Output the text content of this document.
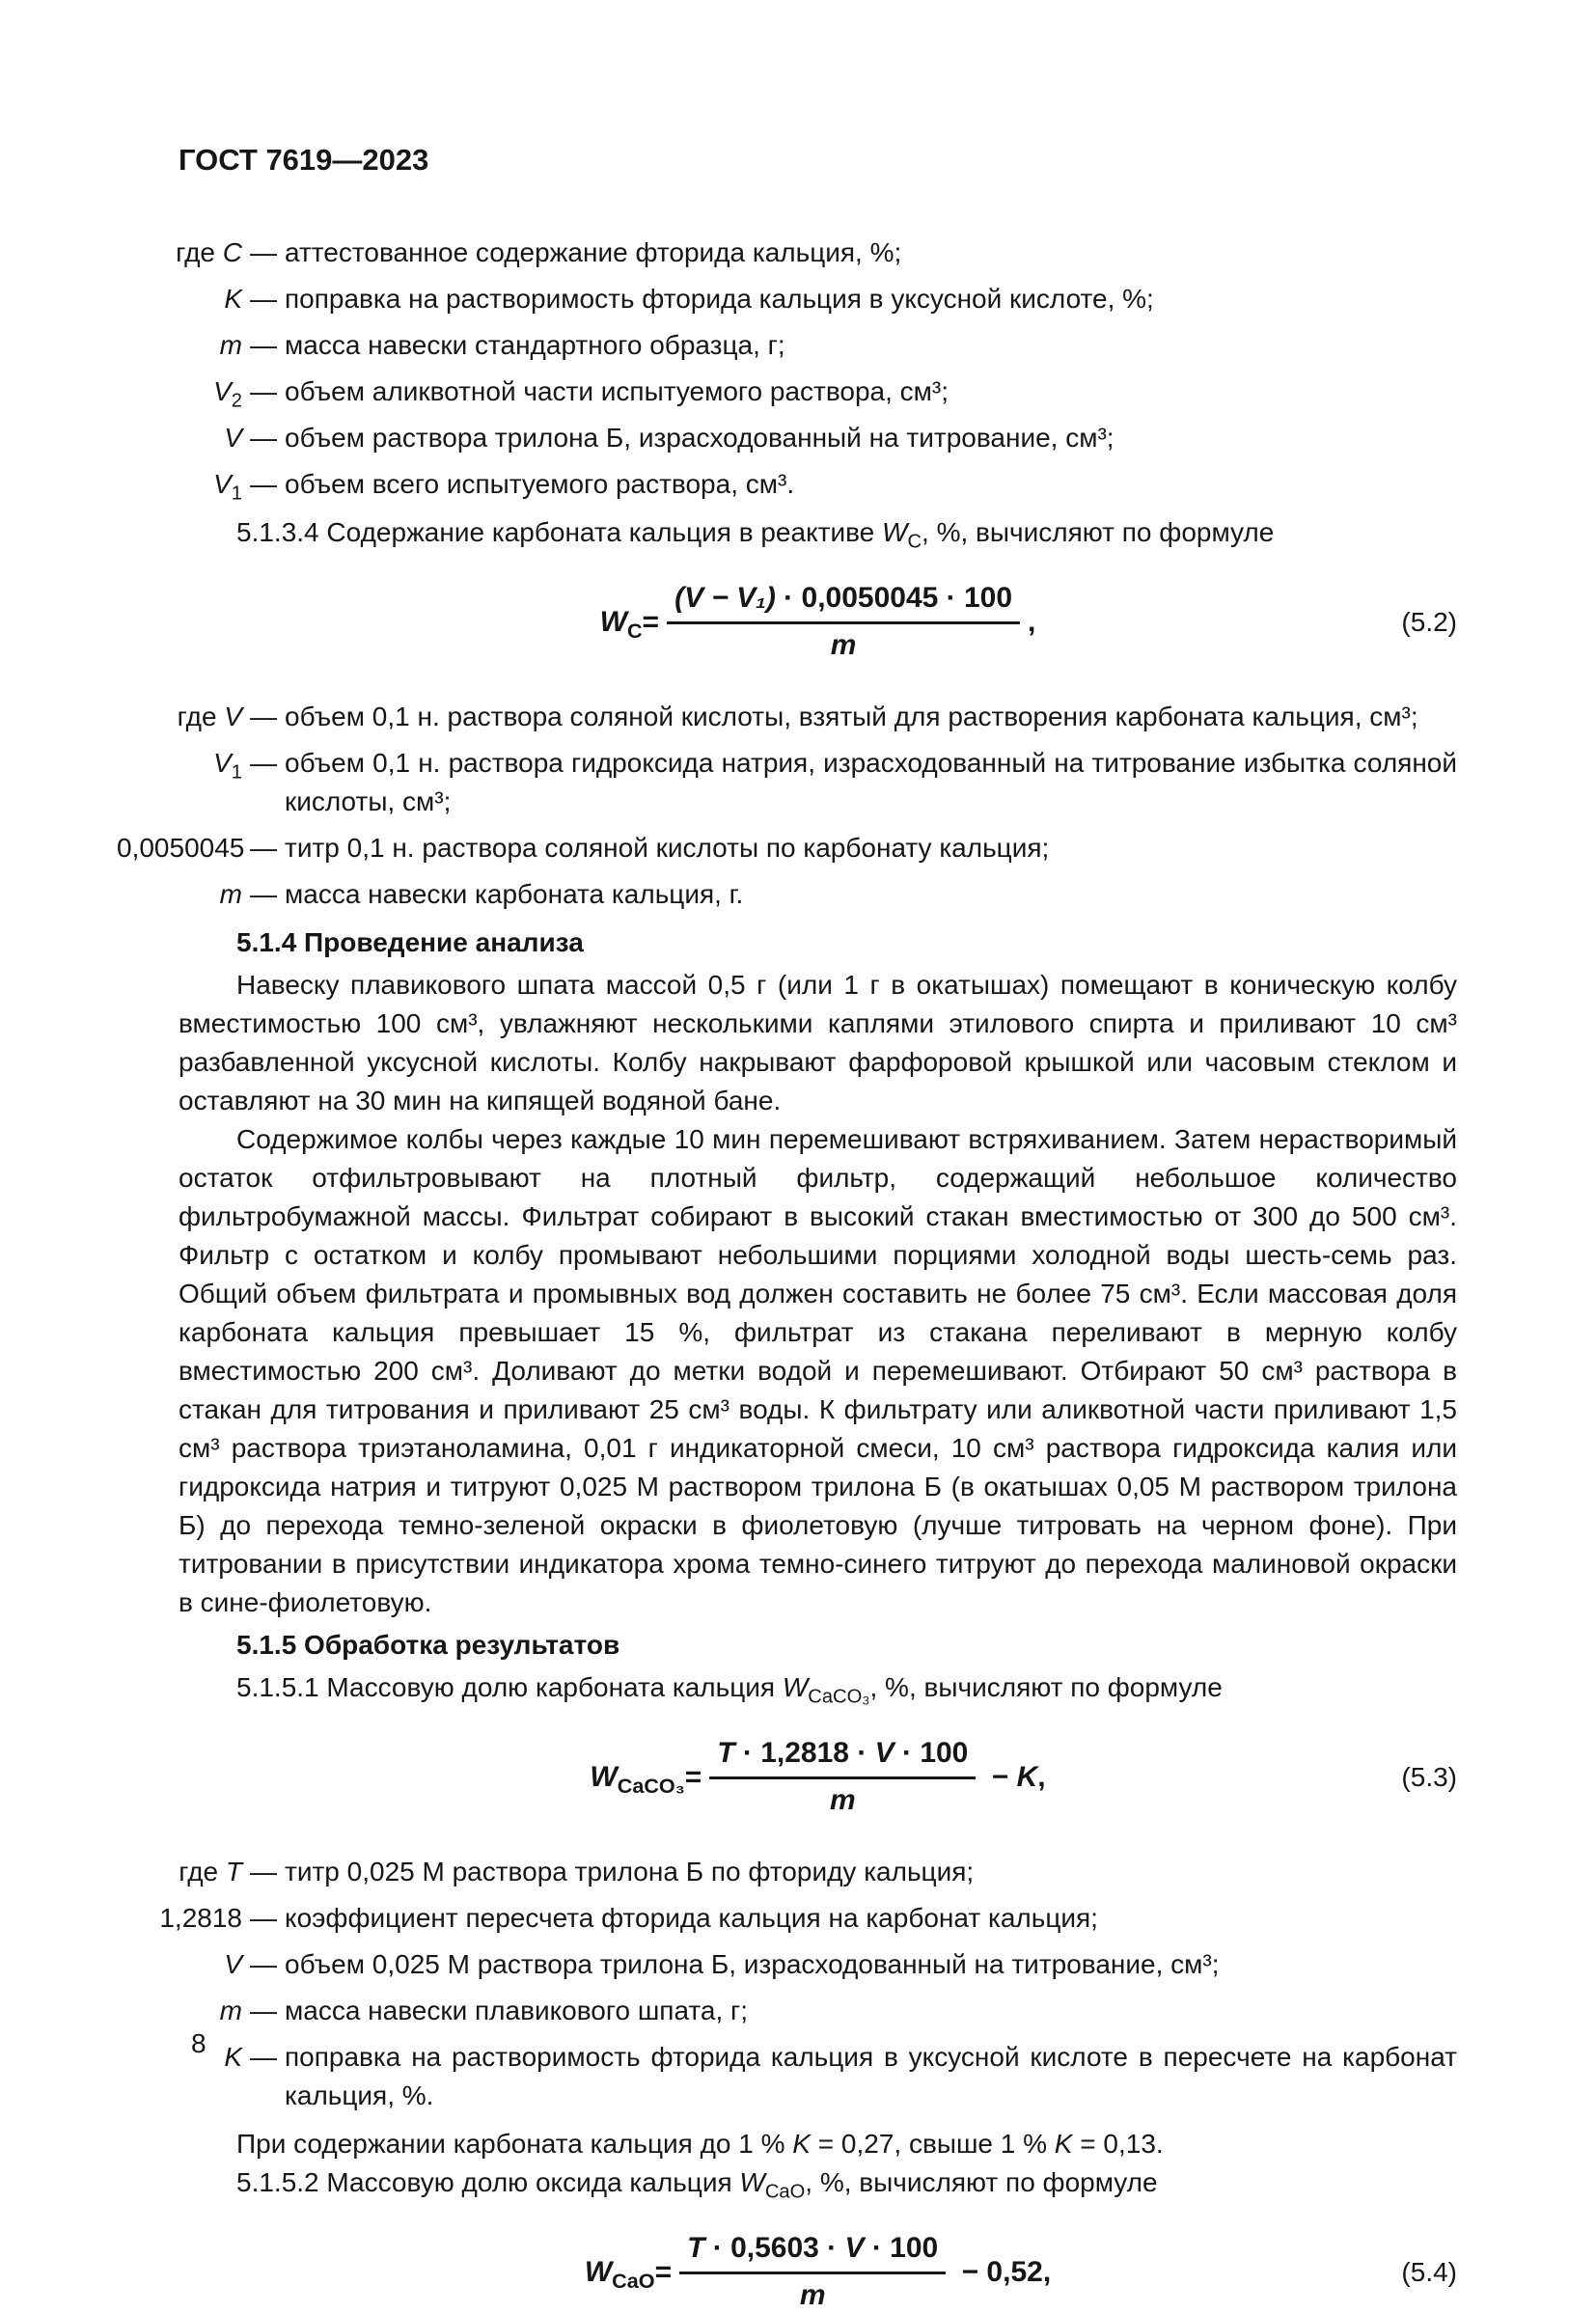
ГОСТ 7619—2023

где C — аттестованное содержание фторида кальция, %;
K — поправка на растворимость фторида кальция в уксусной кислоте, %;
m — масса навески стандартного образца, г;
$V_2$ — объем аликвотной части испытуемого раствора, см³;
V — объем раствора трилона Б, израсходованный на титрование, см³;
$V_1$ — объем всего испытуемого раствора, см³.

5.1.3.4 Содержание карбоната кальция в реактиве $W_C$, %, вычисляют по формуле

$W_C = \frac{\text{(V − V₁) · 0,0050045 · 100}}{m}$ ,	(5.2)
где V — объем 0,1 н. раствора соляной кислоты, взятый для растворения карбоната кальция, см³;
$V_1$ — объем 0,1 н. раствора гидроксида натрия, израсходованный на титрование избытка соляной кислоты, см³;
0,0050045 — титр 0,1 н. раствора соляной кислоты по карбонату кальция;
m — масса навески карбоната кальция, г.

5.1.4 Проведение анализа

Навеску плавикового шпата массой 0,5 г (или 1 г в окатышах) помещают в коническую колбу вместимостью 100 см³, увлажняют несколькими каплями этилового спирта и приливают 10 см³ разбавленной уксусной кислоты. Колбу накрывают фарфоровой крышкой или часовым стеклом и оставляют на 30 мин на кипящей водяной бане.

Содержимое колбы через каждые 10 мин перемешивают встряхиванием. Затем нерастворимый остаток отфильтровывают на плотный фильтр, содержащий небольшое количество фильтробумажной массы. Фильтрат собирают в высокий стакан вместимостью от 300 до 500 см³. Фильтр с остатком и колбу промывают небольшими порциями холодной воды шесть-семь раз. Общий объем фильтрата и промывных вод должен составить не более 75 см³. Если массовая доля карбоната кальция превышает 15 %, фильтрат из стакана переливают в мерную колбу вместимостью 200 см³. Доливают до метки водой и перемешивают. Отбирают 50 см³ раствора в стакан для титрования и приливают 25 см³ воды. К фильтрату или аликвотной части приливают 1,5 см³ раствора триэтаноламина, 0,01 г индикаторной смеси, 10 см³ раствора гидроксида калия или гидроксида натрия и титруют 0,025 М раствором трилона Б (в окатышах 0,05 М раствором трилона Б) до перехода темно-зеленой окраски в фиолетовую (лучше титровать на черном фоне). При титровании в присутствии индикатора хрома темно-синего титруют до перехода малиновой окраски в сине-фиолетовую.

5.1.5 Обработка результатов

5.1.5.1 Массовую долю карбоната кальция $W_{CaCO_3}$, %, вычисляют по формуле

$W_{CaCO_3} = \frac{T \cdot 1,2818 \cdot V \cdot 100}{m} - K$,	(5.3)
где T — титр 0,025 М раствора трилона Б по фториду кальция;
1,2818 — коэффициент пересчета фторида кальция на карбонат кальция;
V — объем 0,025 М раствора трилона Б, израсходованный на титрование, см³;
m — масса навески плавикового шпата, г;
K — поправка на растворимость фторида кальция в уксусной кислоте в пересчете на карбонат кальция, %.

При содержании карбоната кальция до 1 % K = 0,27, свыше 1 % K = 0,13.

5.1.5.2 Массовую долю оксида кальция $W_{CaO}$, %, вычисляют по формуле

$W_{CaO} = \frac{T \cdot 0,5603 \cdot V \cdot 100}{m} - 0,52$,	(5.4)
8
